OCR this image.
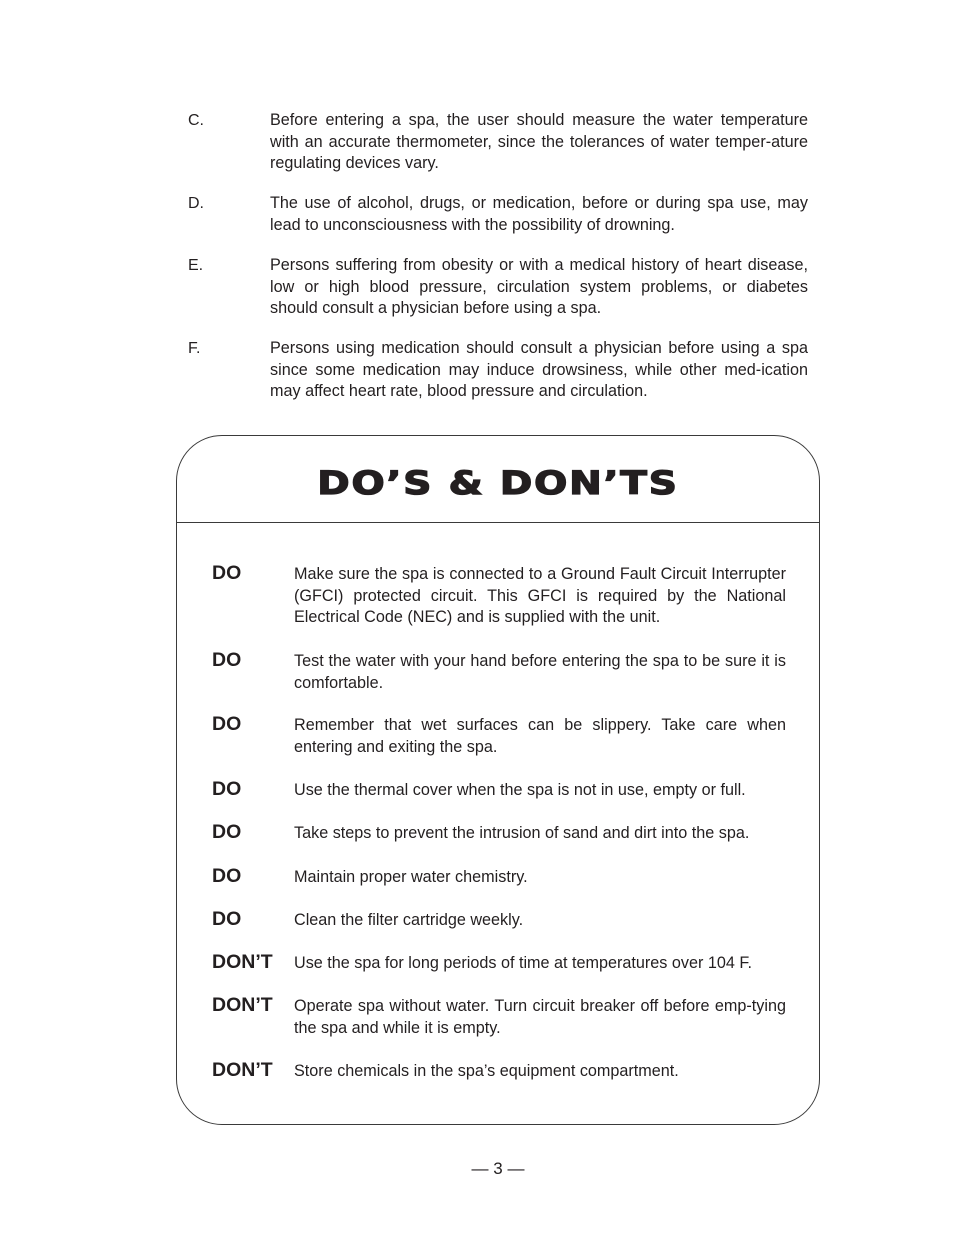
C.	Before entering a spa, the user should measure the water temperature with an accurate thermometer, since the tolerances of water temper-ature regulating devices vary.

D.	The use of alcohol, drugs, or medication, before or during spa use, may lead to unconsciousness with the possibility of drowning.

E.	Persons suffering from obesity or with a medical history of heart disease, low or high blood pressure, circulation system problems, or diabetes should consult a physician before using a spa.

F.	Persons using medication should consult a physician before using a spa since some medication may induce drowsiness, while other med-ication may affect heart rate, blood pressure and circulation.

DO’S & DON’TS
DO	Make sure the spa is connected to a Ground Fault Circuit Interrupter (GFCI) protected circuit. This GFCI is required by the National Electrical Code (NEC) and is supplied with the unit.

DO	Test the water with your hand before entering the spa to be sure it is comfortable.

DO	Remember that wet surfaces can be slippery. Take care when entering and exiting the spa.

DO	Use the thermal cover when the spa is not in use, empty or full.

DO	Take steps to prevent the intrusion of sand and dirt into the spa.

DO	Maintain proper water chemistry.

DO	Clean the filter cartridge weekly.

DON’T Use the spa for long periods of time at temperatures over 104 F.

DON’T Operate spa without water. Turn circuit breaker off before emp-tying the spa and while it is empty.

DON’T Store chemicals in the spa’s equipment compartment.

— 3 —
